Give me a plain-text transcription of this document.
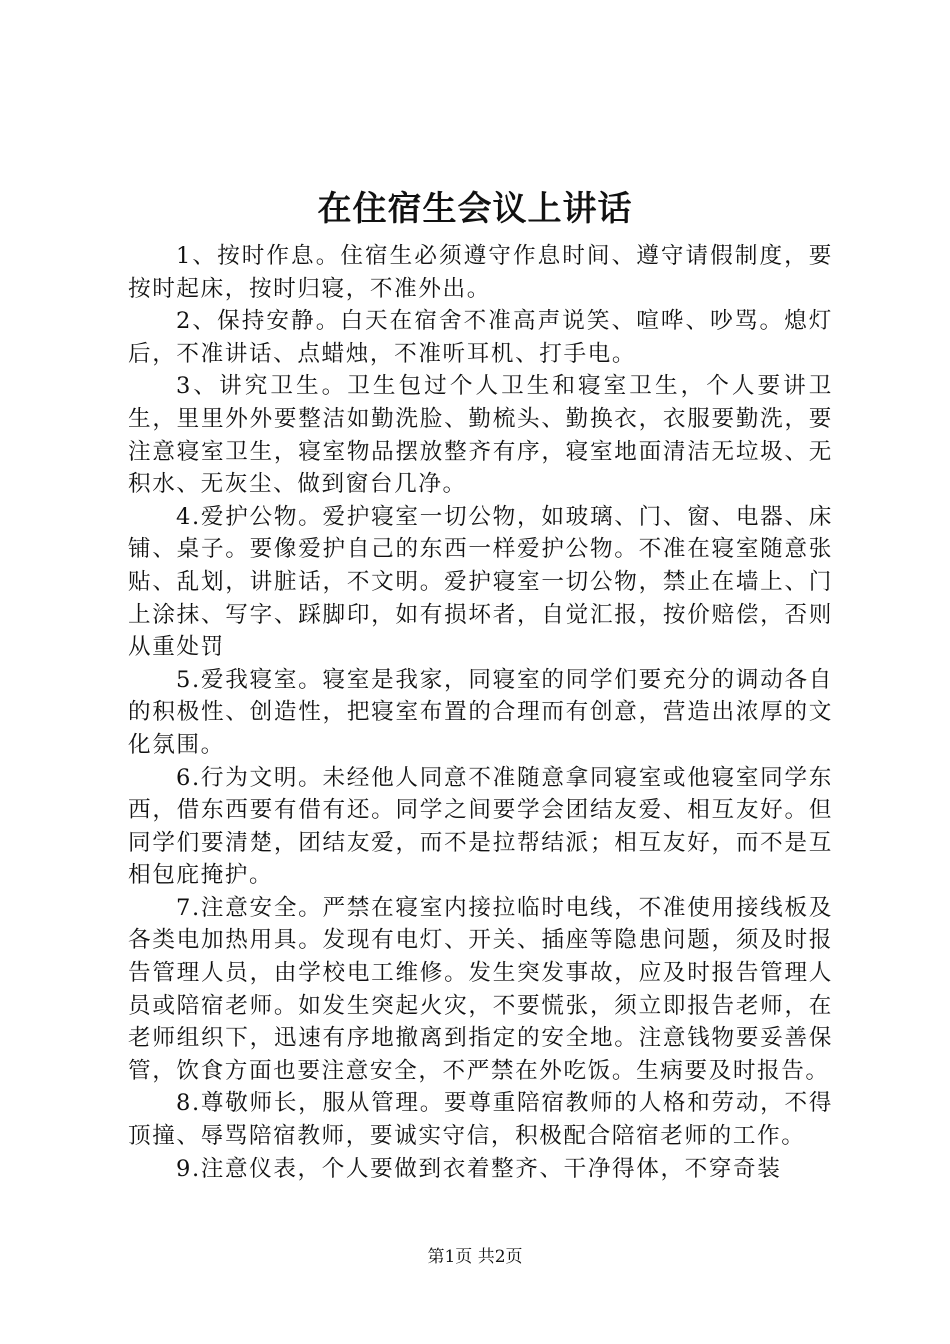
在住宿生会议上讲话

1、按时作息。住宿生必须遵守作息时间、遵守请假制度，要按时起床，按时归寝，不准外出。

2、保持安静。白天在宿舍不准高声说笑、喧哗、吵骂。熄灯后，不准讲话、点蜡烛，不准听耳机、打手电。

3、讲究卫生。卫生包过个人卫生和寝室卫生，个人要讲卫生，里里外外要整洁如勤洗脸、勤梳头、勤换衣，衣服要勤洗，要注意寝室卫生，寝室物品摆放整齐有序，寝室地面清洁无垃圾、无积水、无灰尘、做到窗台几净。

4.爱护公物。爱护寝室一切公物，如玻璃、门、窗、电器、床铺、桌子。要像爱护自己的东西一样爱护公物。不准在寝室随意张贴、乱划，讲脏话，不文明。爱护寝室一切公物，禁止在墙上、门上涂抹、写字、踩脚印，如有损坏者，自觉汇报，按价赔偿，否则从重处罚

5.爱我寝室。寝室是我家，同寝室的同学们要充分的调动各自的积极性、创造性，把寝室布置的合理而有创意，营造出浓厚的文化氛围。

6.行为文明。未经他人同意不准随意拿同寝室或他寝室同学东西，借东西要有借有还。同学之间要学会团结友爱、相互友好。但同学们要清楚，团结友爱，而不是拉帮结派；相互友好，而不是互相包庇掩护。

7.注意安全。严禁在寝室内接拉临时电线，不准使用接线板及各类电加热用具。发现有电灯、开关、插座等隐患问题，须及时报告管理人员，由学校电工维修。发生突发事故，应及时报告管理人员或陪宿老师。如发生突起火灾，不要慌张，须立即报告老师，在老师组织下，迅速有序地撤离到指定的安全地。注意钱物要妥善保管，饮食方面也要注意安全，不严禁在外吃饭。生病要及时报告。

8.尊敬师长，服从管理。要尊重陪宿教师的人格和劳动，不得顶撞、辱骂陪宿教师，要诚实守信，积极配合陪宿老师的工作。

9.注意仪表，个人要做到衣着整齐、干净得体，不穿奇装

第1页 共2页
